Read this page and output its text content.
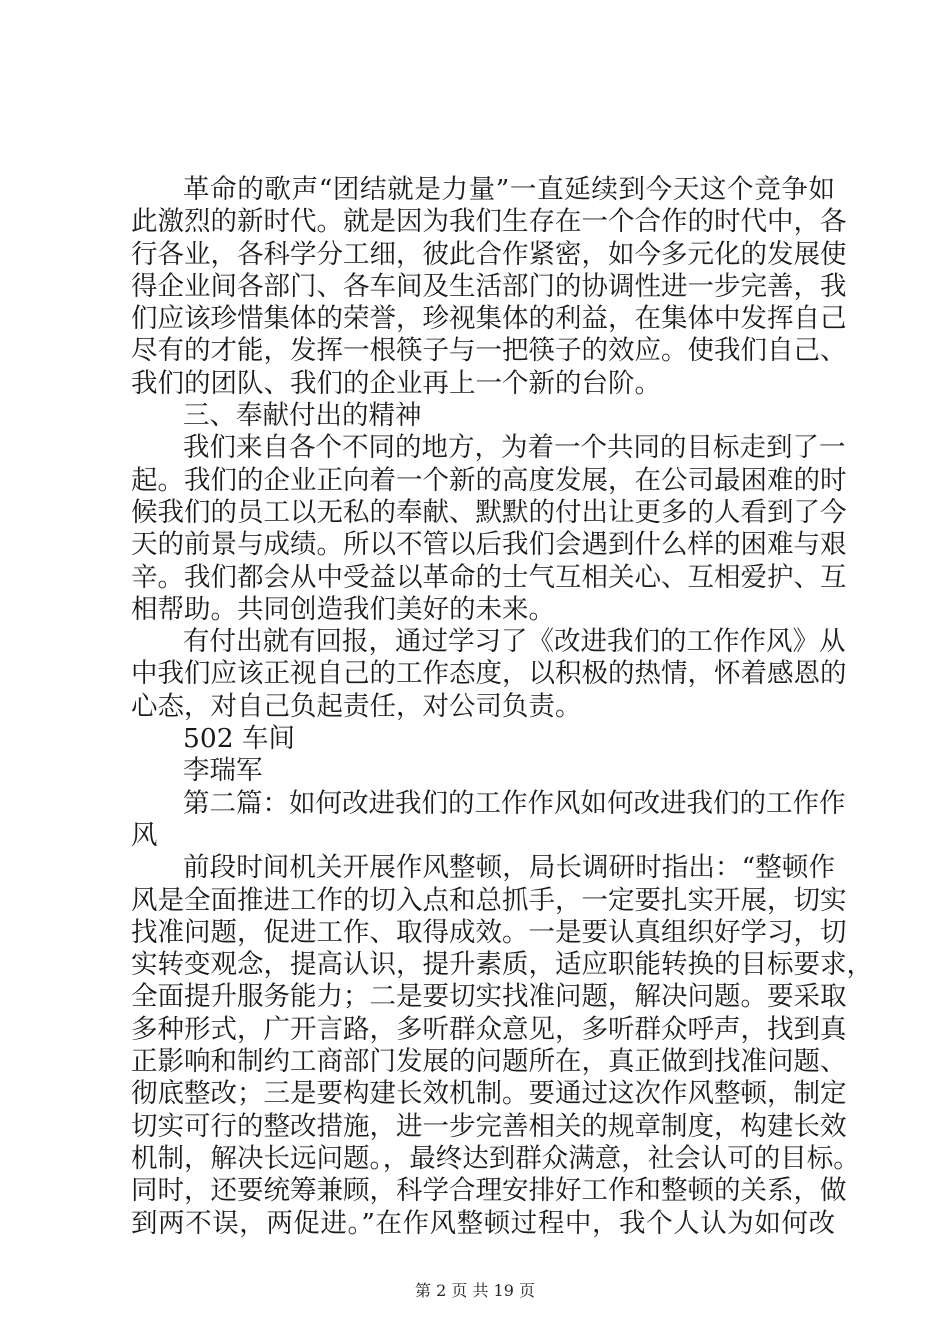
革命的歌声“团结就是力量”一直延续到今天这个竞争如
此激烈的新时代。就是因为我们生存在一个合作的时代中，各
行各业，各科学分工细，彼此合作紧密，如今多元化的发展使
得企业间各部门、各车间及生活部门的协调性进一步完善，我
们应该珍惜集体的荣誉，珍视集体的利益，在集体中发挥自己
尽有的才能，发挥一根筷子与一把筷子的效应。使我们自己、
我们的团队、我们的企业再上一个新的台阶。
三、奉献付出的精神
我们来自各个不同的地方，为着一个共同的目标走到了一
起。我们的企业正向着一个新的高度发展，在公司最困难的时
候我们的员工以无私的奉献、默默的付出让更多的人看到了今
天的前景与成绩。所以不管以后我们会遇到什么样的困难与艰
辛。我们都会从中受益以革命的士气互相关心、互相爱护、互
相帮助。共同创造我们美好的未来。
有付出就有回报，通过学习了《改进我们的工作作风》从
中我们应该正视自己的工作态度，以积极的热情，怀着感恩的
心态，对自己负起责任，对公司负责。
502 车间
李瑞军
第二篇：如何改进我们的工作作风如何改进我们的工作作
风
前段时间机关开展作风整顿，局长调研时指出：“整顿作
风是全面推进工作的切入点和总抓手，一定要扎实开展，切实
找准问题，促进工作、取得成效。一是要认真组织好学习，切
实转变观念，提高认识，提升素质，适应职能转换的目标要求，
全面提升服务能力；二是要切实找准问题，解决问题。要采取
多种形式，广开言路，多听群众意见，多听群众呼声，找到真
正影响和制约工商部门发展的问题所在，真正做到找准问题、
彻底整改；三是要构建长效机制。要通过这次作风整顿，制定
切实可行的整改措施，进一步完善相关的规章制度，构建长效
机制，解决长远问题。，最终达到群众满意，社会认可的目标。
同时，还要统筹兼顾，科学合理安排好工作和整顿的关系，做
到两不误，两促进。”在作风整顿过程中，我个人认为如何改
第 2 页 共 19 页
